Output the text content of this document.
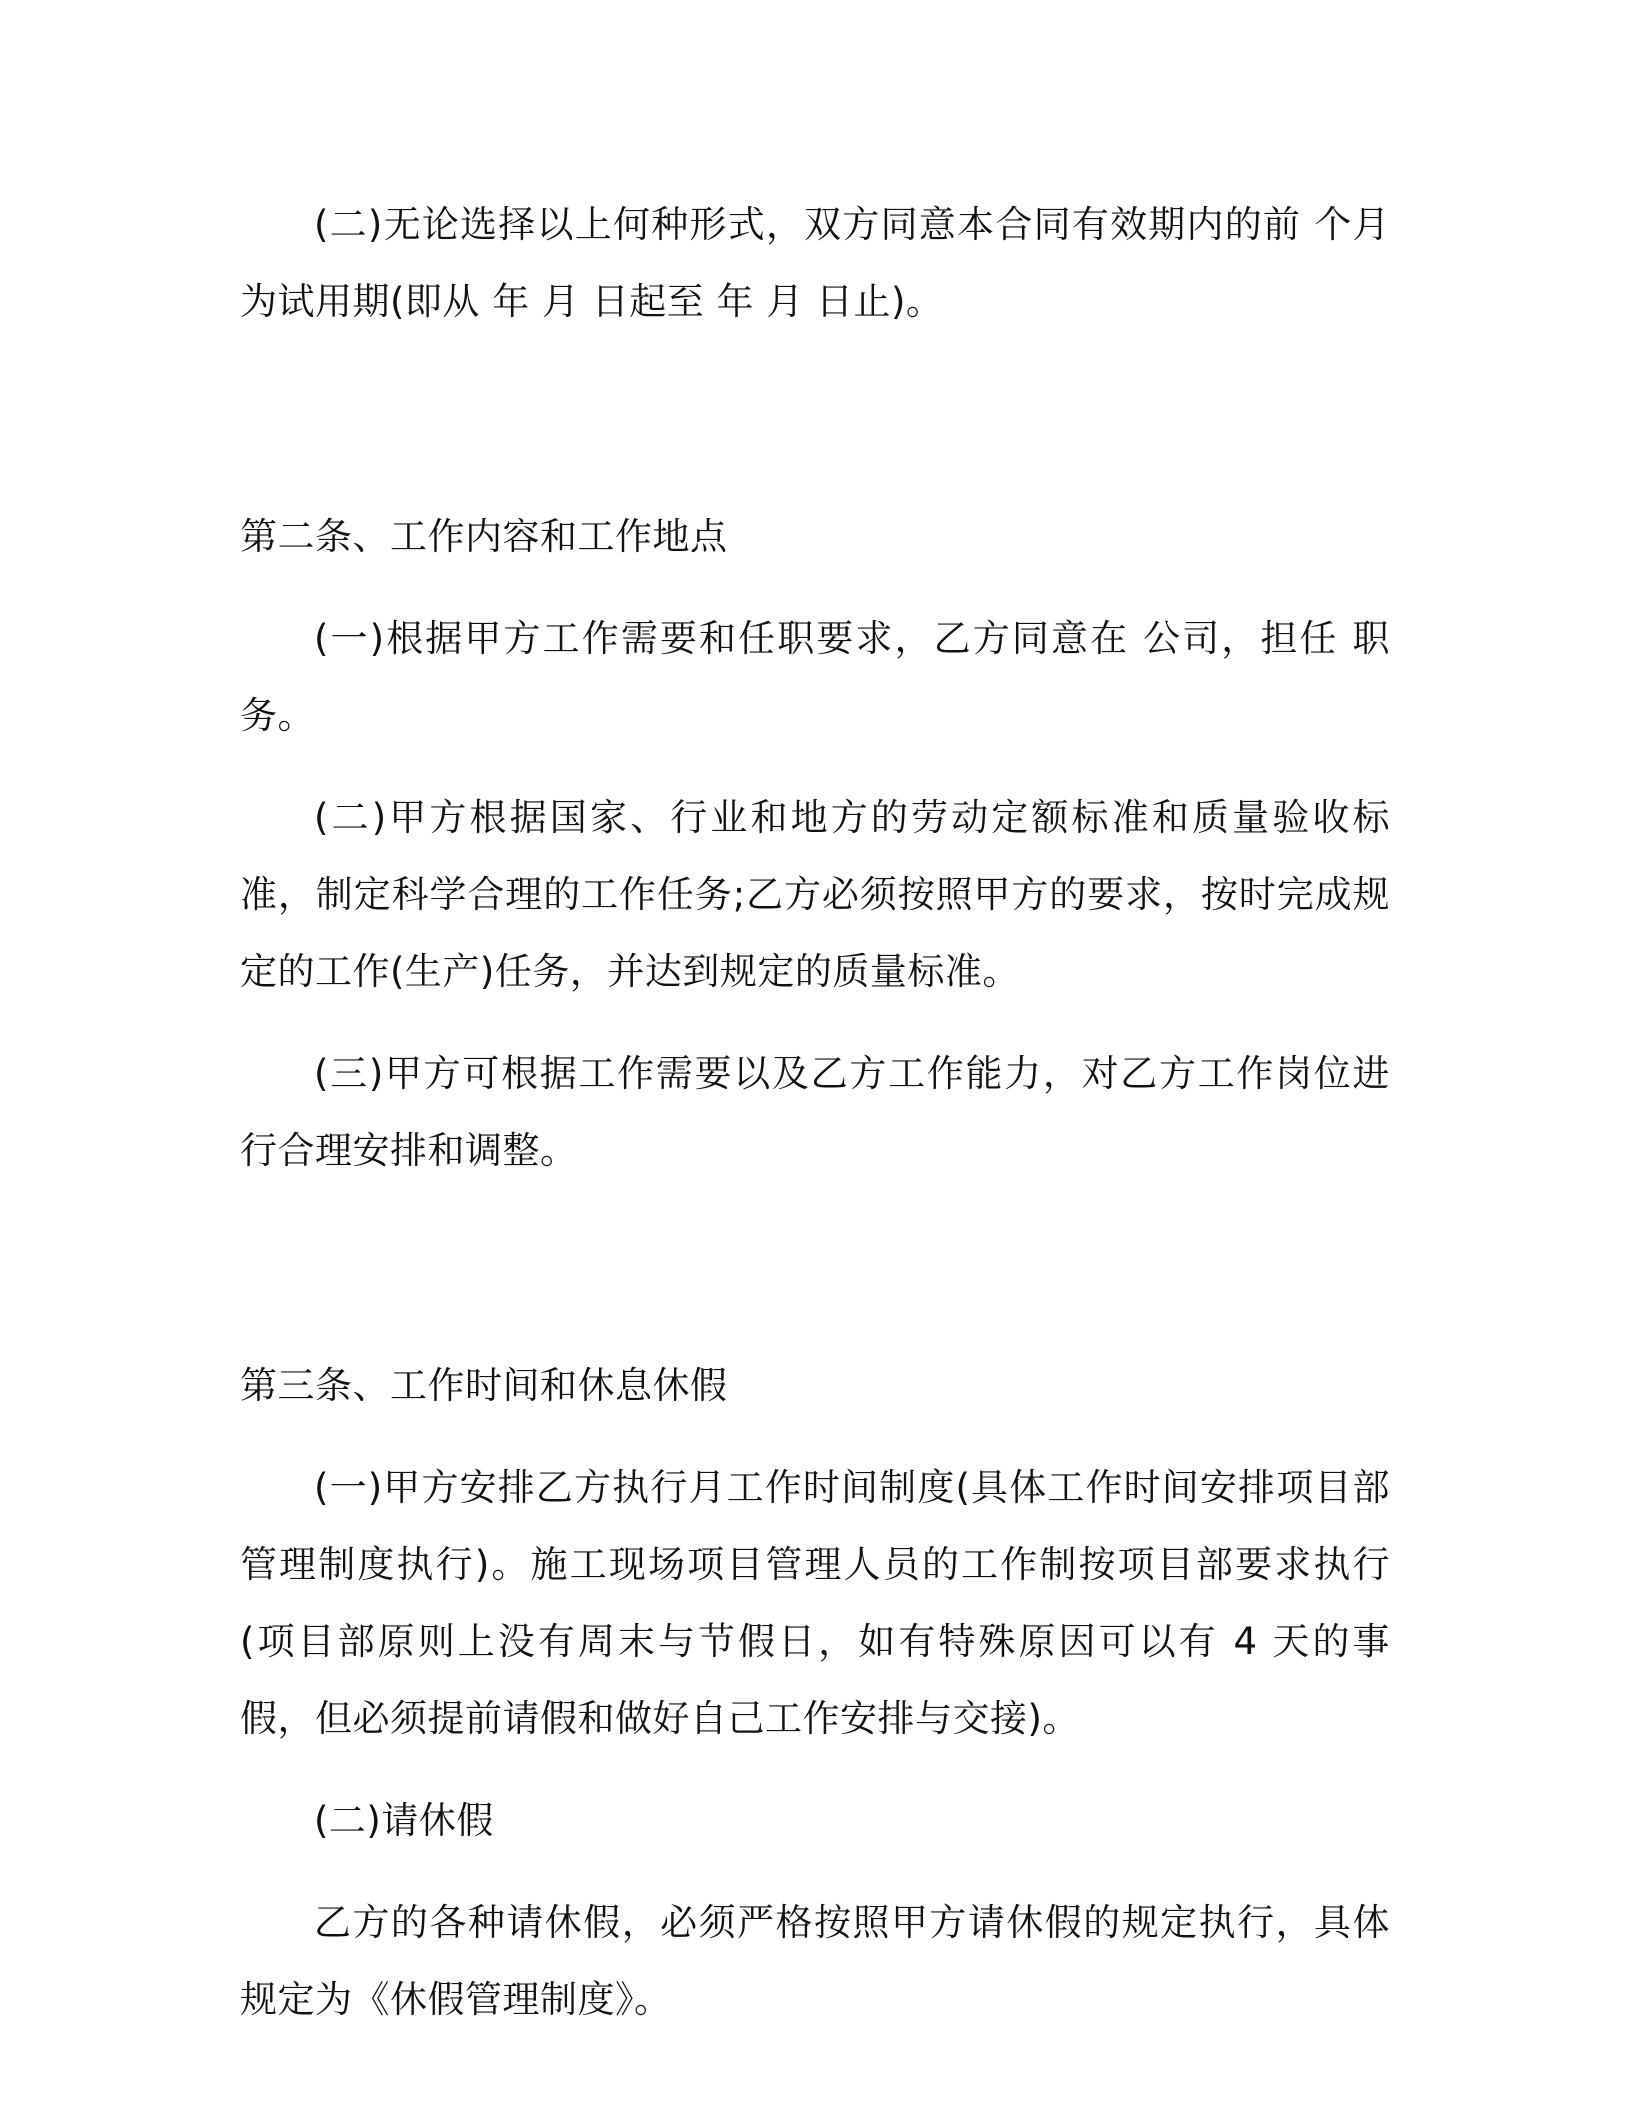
(二)无论选择以上何种形式，双方同意本合同有效期内的前 个月为试用期(即从 年 月 日起至 年 月 日止)。

第二条、工作内容和工作地点

(一)根据甲方工作需要和任职要求，乙方同意在 公司，担任 职务。

(二)甲方根据国家、行业和地方的劳动定额标准和质量验收标准，制定科学合理的工作任务;乙方必须按照甲方的要求，按时完成规定的工作(生产)任务，并达到规定的质量标准。

(三)甲方可根据工作需要以及乙方工作能力，对乙方工作岗位进行合理安排和调整。

第三条、工作时间和休息休假

(一)甲方安排乙方执行月工作时间制度(具体工作时间安排项目部管理制度执行)。施工现场项目管理人员的工作制按项目部要求执行(项目部原则上没有周末与节假日，如有特殊原因可以有 4 天的事假，但必须提前请假和做好自己工作安排与交接)。

(二)请休假

乙方的各种请休假，必须严格按照甲方请休假的规定执行，具体规定为《休假管理制度》。
